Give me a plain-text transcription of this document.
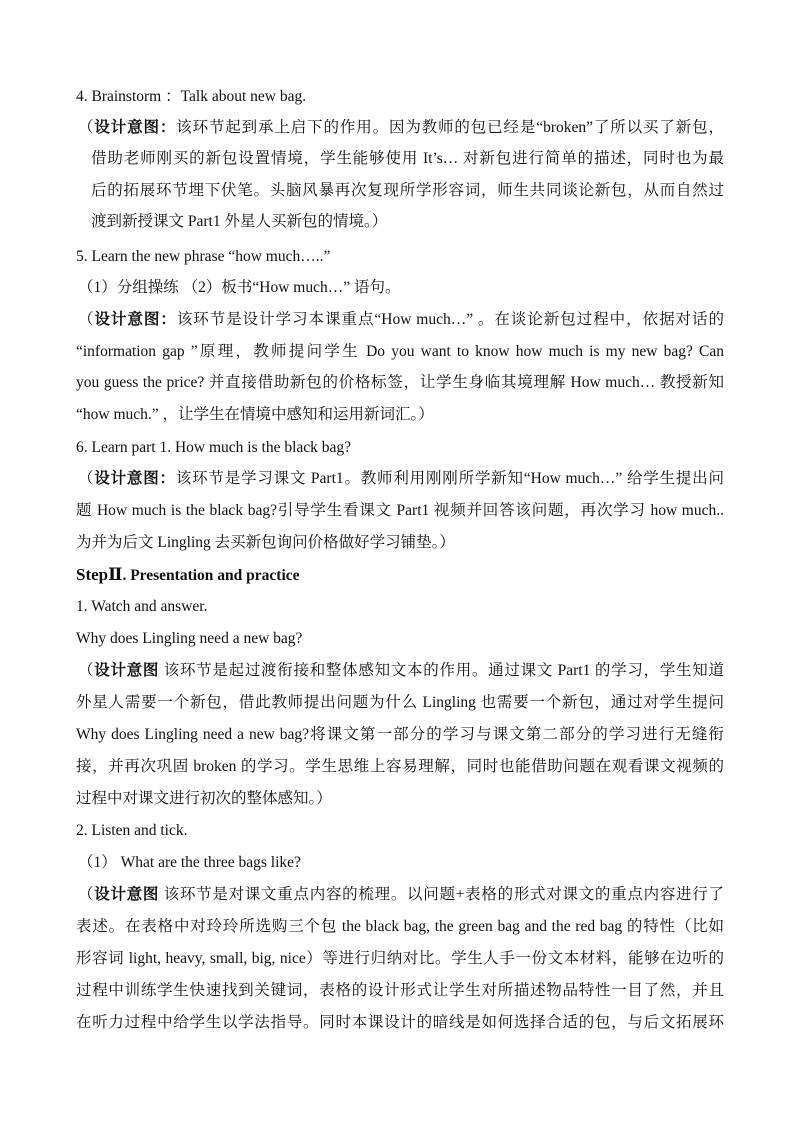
4. Brainstorm ：Talk about new bag.
（设计意图：该环节起到承上启下的作用。因为教师的包已经是“broken”了所以买了新包，
借助老师刚买的新包设置情境，学生能够使用 It’s… 对新包进行简单的描述，同时也为最
后的拓展环节埋下伏笔。头脑风暴再次复现所学形容词，师生共同谈论新包，从而自然过
渡到新授课文 Part1 外星人买新包的情境。）
5. Learn the new phrase “how much…..”
（1）分组操练 （2）板书“How much…” 语句。
（设计意图：该环节是设计学习本课重点“How much…” 。在谈论新包过程中，依据对话的
“information gap ”原理，教师提问学生 Do you want to know how much is my new bag? Can
you guess the price? 并直接借助新包的价格标签，让学生身临其境理解 How much… 教授新知
“how much.” ，让学生在情境中感知和运用新词汇。）
6. Learn part 1. How much is the black bag?
（设计意图：该环节是学习课文 Part1。教师利用刚刚所学新知“How much…” 给学生提出问
题 How much is the black bag?引导学生看课文 Part1 视频并回答该问题，再次学习 how much..
为并为后文 Lingling 去买新包询问价格做好学习铺垫。）
StepⅡ. Presentation and practice
1. Watch and answer.
Why does Lingling need a new bag?
（设计意图 该环节是起过渡衔接和整体感知文本的作用。通过课文 Part1 的学习，学生知道
外星人需要一个新包，借此教师提出问题为什么 Lingling 也需要一个新包，通过对学生提问
Why does Lingling need a new bag?将课文第一部分的学习与课文第二部分的学习进行无缝衔
接，并再次巩固 broken 的学习。学生思维上容易理解，同时也能借助问题在观看课文视频的
过程中对课文进行初次的整体感知。）
2. Listen and tick.
（1） What are the three bags like?
（设计意图 该环节是对课文重点内容的梳理。以问题+表格的形式对课文的重点内容进行了
表述。在表格中对玲玲所选购三个包 the black bag, the green bag and the red bag 的特性（比如
形容词 light, heavy, small, big, nice）等进行归纳对比。学生人手一份文本材料，能够在边听的
过程中训练学生快速找到关键词，表格的设计形式让学生对所描述物品特性一目了然，并且
在听力过程中给学生以学法指导。同时本课设计的暗线是如何选择合适的包，与后文拓展环
